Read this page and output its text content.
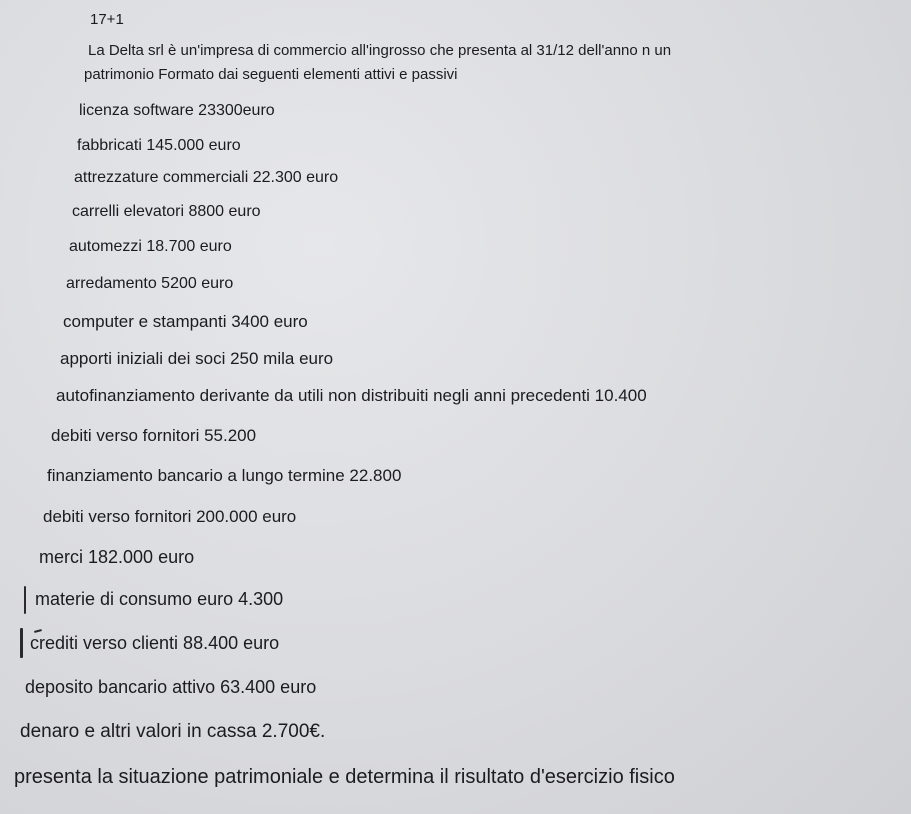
17+1
La Delta srl è un'impresa di commercio all'ingrosso che presenta al 31/12 dell'anno n un
patrimonio Formato dai seguenti elementi attivi e passivi
licenza software 23300euro
fabbricati 145.000 euro
attrezzature commerciali 22.300 euro
carrelli elevatori 8800 euro
automezzi 18.700 euro
arredamento 5200 euro
computer e stampanti 3400 euro
apporti iniziali dei soci 250 mila euro
autofinanziamento derivante da utili non distribuiti negli anni precedenti 10.400
debiti verso fornitori 55.200
finanziamento bancario a lungo termine 22.800
debiti verso fornitori 200.000 euro
merci 182.000 euro
materie di consumo euro 4.300
crediti verso clienti 88.400 euro
deposito bancario attivo 63.400 euro
denaro e altri valori in cassa 2.700€.
presenta la situazione patrimoniale e determina il risultato d'esercizio fisico
